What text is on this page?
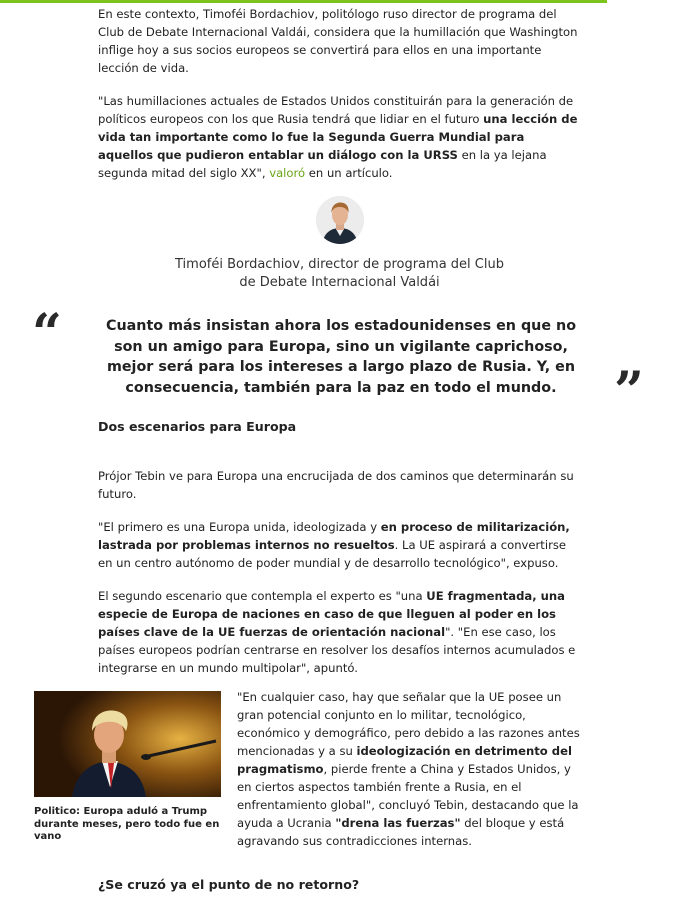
En este contexto, Timoféi Bordachiov, politólogo ruso director de programa del Club de Debate Internacional Valdái, considera que la humillación que Washington inflige hoy a sus socios europeos se convertirá para ellos en una importante lección de vida.

"Las humillaciones actuales de Estados Unidos constituirán para la generación de políticos europeos con los que Rusia tendrá que lidiar en el futuro una lección de vida tan importante como lo fue la Segunda Guerra Mundial para aquellos que pudieron entablar un diálogo con la URSS en la ya lejana segunda mitad del siglo XX", valoró en un artículo.

Timoféi Bordachiov, director de programa del Club
de Debate Internacional Valdái
“	Cuanto más insistan ahora los estadounidenses en que no son un amigo para Europa, sino un vigilante caprichoso, mejor será para los intereses a largo plazo de Rusia. Y, en consecuencia, también para la paz en todo el mundo.	”

Dos escenarios para Europa

Prójor Tebin ve para Europa una encrucijada de dos caminos que determinarán su futuro.

"El primero es una Europa unida, ideologizada y en proceso de militarización, lastrada por problemas internos no resueltos. La UE aspirará a convertirse en un centro autónomo de poder mundial y de desarrollo tecnológico", expuso.

El segundo escenario que contempla el experto es "una UE fragmentada, una especie de Europa de naciones en caso de que lleguen al poder en los países clave de la UE fuerzas de orientación nacional". "En ese caso, los países europeos podrían centrarse en resolver los desafíos internos acumulados e integrarse en un mundo multipolar", apuntó.

Politico: Europa aduló a Trump durante meses, pero todo fue en vano
"En cualquier caso, hay que señalar que la UE posee un gran potencial conjunto en lo militar, tecnológico, económico y demográfico, pero debido a las razones antes mencionadas y a su ideologización en detrimento del pragmatismo, pierde frente a China y Estados Unidos, y en ciertos aspectos también frente a Rusia, en el enfrentamiento global", concluyó Tebin, destacando que la ayuda a Ucrania "drena las fuerzas" del bloque y está agravando sus contradicciones internas.
¿Se cruzó ya el punto de no retorno?
